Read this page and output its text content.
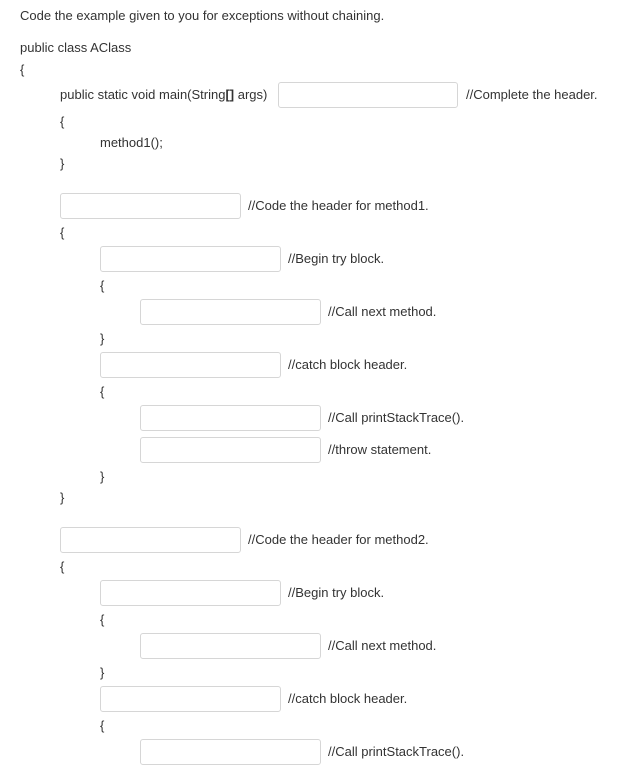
Code the example given to you for exceptions without chaining.
public class AClass
{
public static void main(String[] args)	//Complete the header.
{
method1();
}
//Code the header for method1.
{
//Begin try block.
{
//Call next method.
}
//catch block header.
{
//Call printStackTrace().
//throw statement.
}
}
//Code the header for method2.
{
//Begin try block.
{
//Call next method.
}
//catch block header.
{
//Call printStackTrace().
